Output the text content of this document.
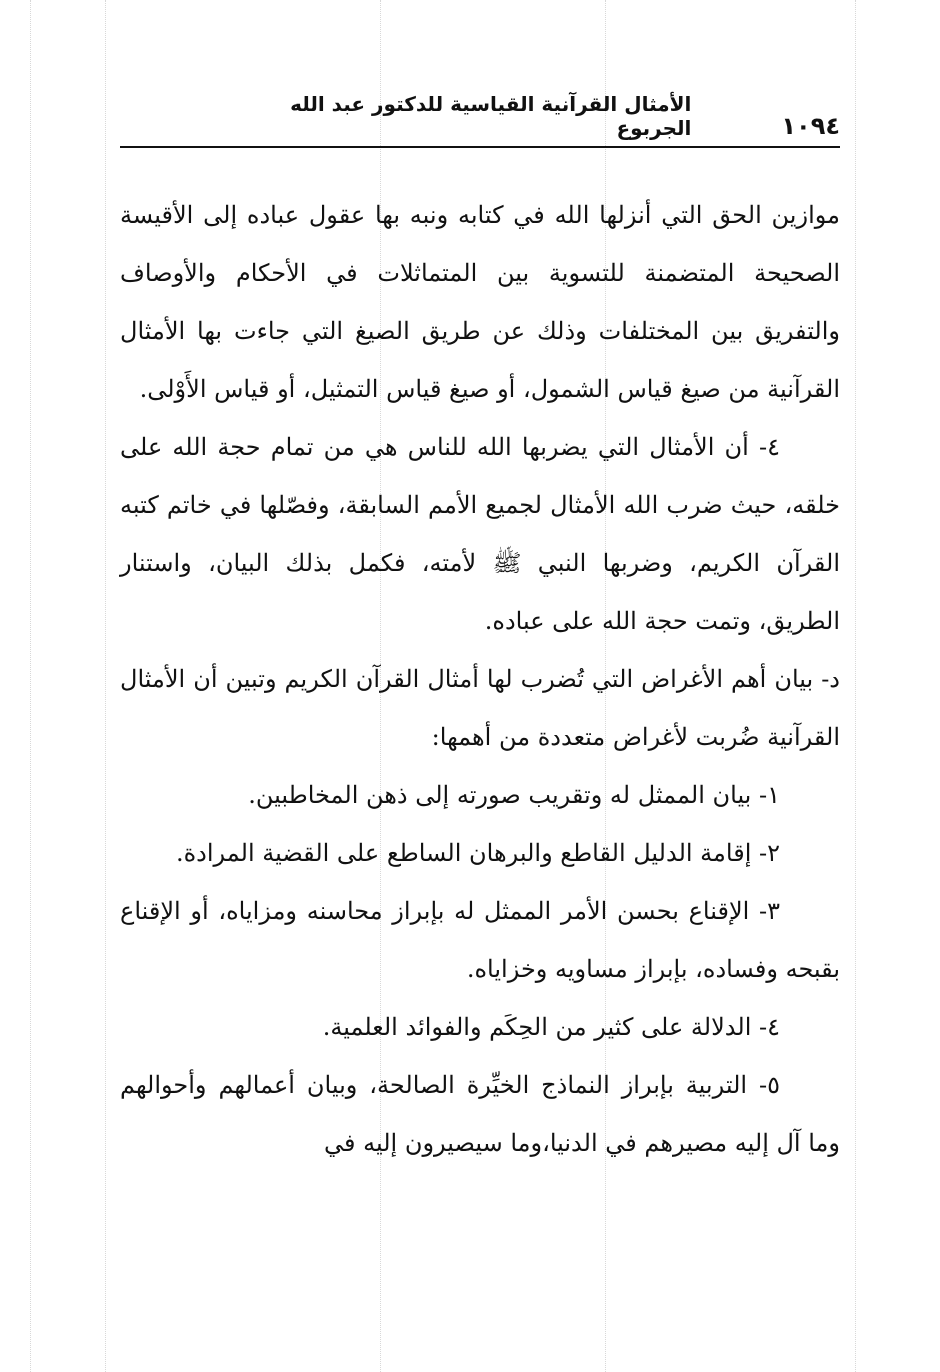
١٠٩٤
الأمثال القرآنية القياسية للدكتور عبد الله الجربوع

موازين الحق التي أنزلها الله في كتابه ونبه بها عقول عباده إلى الأقيسة الصحيحة المتضمنة للتسوية بين المتماثلات في الأحكام والأوصاف والتفريق بين المختلفات وذلك عن طريق الصيغ التي جاءت بها الأمثال القرآنية من صيغ قياس الشمول، أو صيغ قياس التمثيل، أو قياس الأَوْلى.

٤- أن الأمثال التي يضربها الله للناس هي من تمام حجة الله على خلقه، حيث ضرب الله الأمثال لجميع الأمم السابقة، وفصّلها في خاتم كتبه القرآن الكريم، وضربها النبي ﷺ لأمته، فكمل بذلك البيان، واستنار الطريق، وتمت حجة الله على عباده.

د- بيان أهم الأغراض التي تُضرب لها أمثال القرآن الكريم وتبين أن الأمثال القرآنية ضُربت لأغراض متعددة من أهمها:

١- بيان الممثل له وتقريب صورته إلى ذهن المخاطبين.

٢- إقامة الدليل القاطع والبرهان الساطع على القضية المرادة.

٣- الإقناع بحسن الأمر الممثل له بإبراز محاسنه ومزاياه، أو الإقناع بقبحه وفساده، بإبراز مساويه وخزاياه.

٤- الدلالة على كثير من الحِكَم والفوائد العلمية.

٥- التربية بإبراز النماذج الخيِّرة الصالحة، وبيان أعمالهم وأحوالهم وما آل إليه مصيرهم في الدنيا،وما سيصيرون إليه في
